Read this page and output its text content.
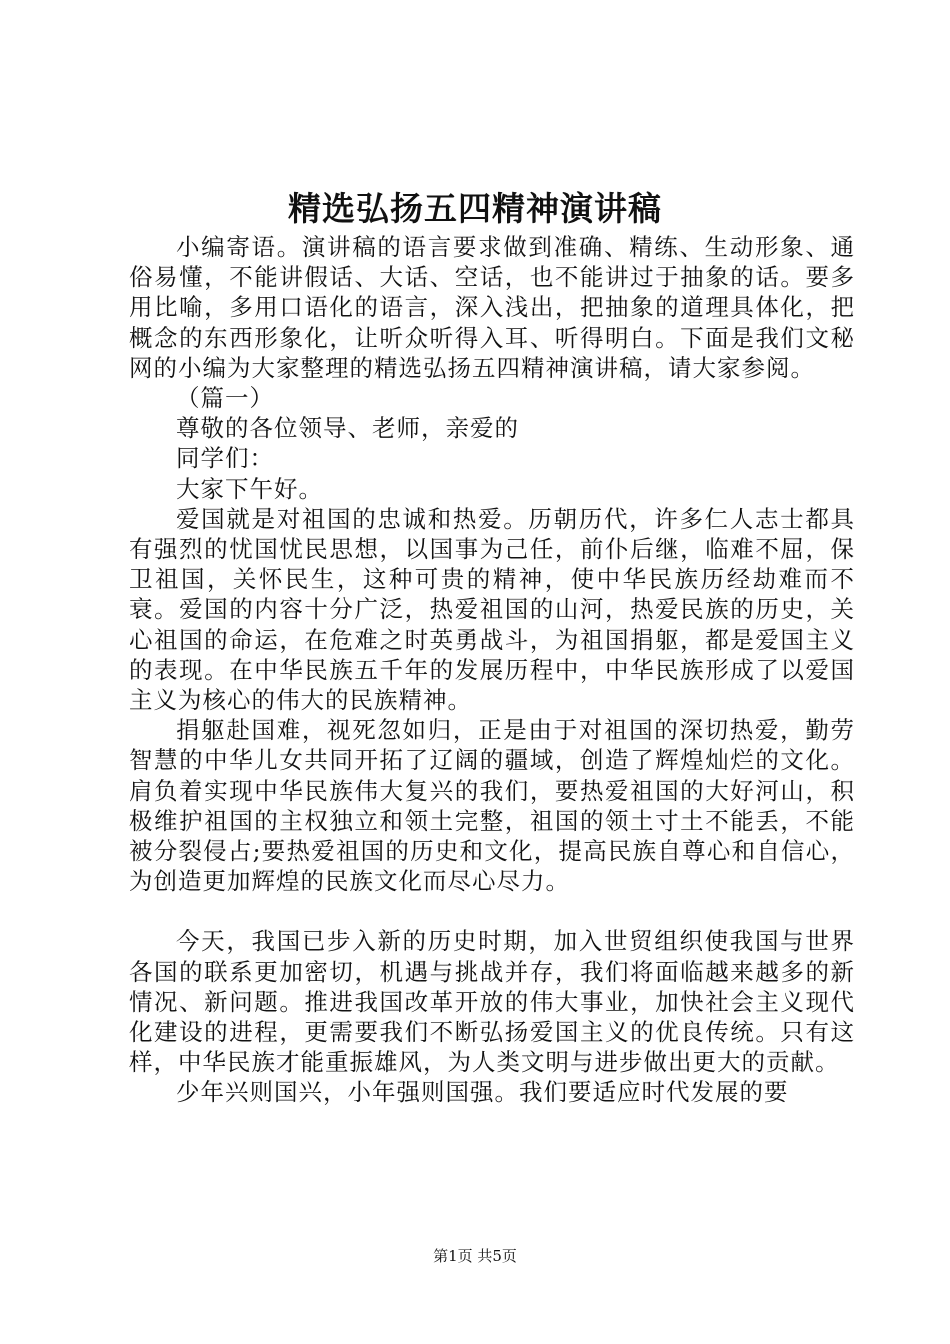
精选弘扬五四精神演讲稿

小编寄语。演讲稿的语言要求做到准确、精练、生动形象、通俗易懂，不能讲假话、大话、空话，也不能讲过于抽象的话。要多用比喻，多用口语化的语言，深入浅出，把抽象的道理具体化，把概念的东西形象化，让听众听得入耳、听得明白。下面是我们文秘网的小编为大家整理的精选弘扬五四精神演讲稿，请大家参阅。

（篇一）

尊敬的各位领导、老师，亲爱的

同学们：

大家下午好。

爱国就是对祖国的忠诚和热爱。历朝历代，许多仁人志士都具有强烈的忧国忧民思想，以国事为己任，前仆后继，临难不屈，保卫祖国，关怀民生，这种可贵的精神，使中华民族历经劫难而不衰。爱国的内容十分广泛，热爱祖国的山河，热爱民族的历史，关心祖国的命运，在危难之时英勇战斗，为祖国捐躯，都是爱国主义的表现。在中华民族五千年的发展历程中，中华民族形成了以爱国主义为核心的伟大的民族精神。

捐躯赴国难，视死忽如归，正是由于对祖国的深切热爱，勤劳智慧的中华儿女共同开拓了辽阔的疆域，创造了辉煌灿烂的文化。肩负着实现中华民族伟大复兴的我们，要热爱祖国的大好河山，积极维护祖国的主权独立和领土完整，祖国的领土寸土不能丢，不能被分裂侵占;要热爱祖国的历史和文化，提高民族自尊心和自信心，为创造更加辉煌的民族文化而尽心尽力。

今天，我国已步入新的历史时期，加入世贸组织使我国与世界各国的联系更加密切，机遇与挑战并存，我们将面临越来越多的新情况、新问题。推进我国改革开放的伟大事业，加快社会主义现代化建设的进程，更需要我们不断弘扬爱国主义的优良传统。只有这样，中华民族才能重振雄风，为人类文明与进步做出更大的贡献。

少年兴则国兴，小年强则国强。我们要适应时代发展的要

第1页 共5页
